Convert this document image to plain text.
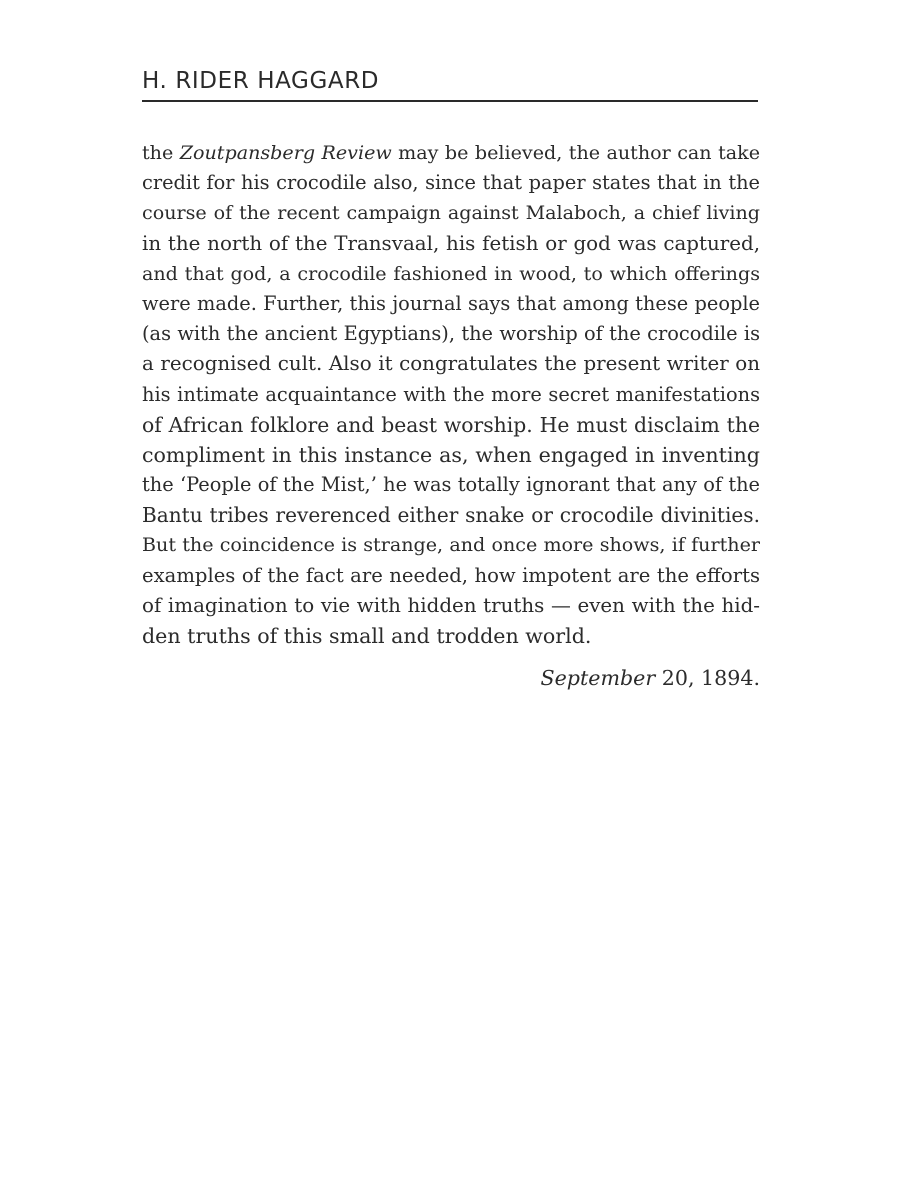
H. RIDER HAGGARD
the Zoutpansberg Review may be believed, the author can take
credit for his crocodile also, since that paper states that in the
course of the recent campaign against Malaboch, a chief living
in the north of the Transvaal, his fetish or god was captured,
and that god, a crocodile fashioned in wood, to which offerings
were made. Further, this journal says that among these people
(as with the ancient Egyptians), the worship of the crocodile is
a recognised cult. Also it congratulates the present writer on
his intimate acquaintance with the more secret manifestations
of African folklore and beast worship. He must disclaim the
compliment in this instance as, when engaged in inventing
the ‘People of the Mist,’ he was totally ignorant that any of the
Bantu tribes reverenced either snake or crocodile divinities.
But the coincidence is strange, and once more shows, if further
examples of the fact are needed, how impotent are the efforts
of imagination to vie with hidden truths — even with the hid-
den truths of this small and trodden world.
September 20, 1894.
